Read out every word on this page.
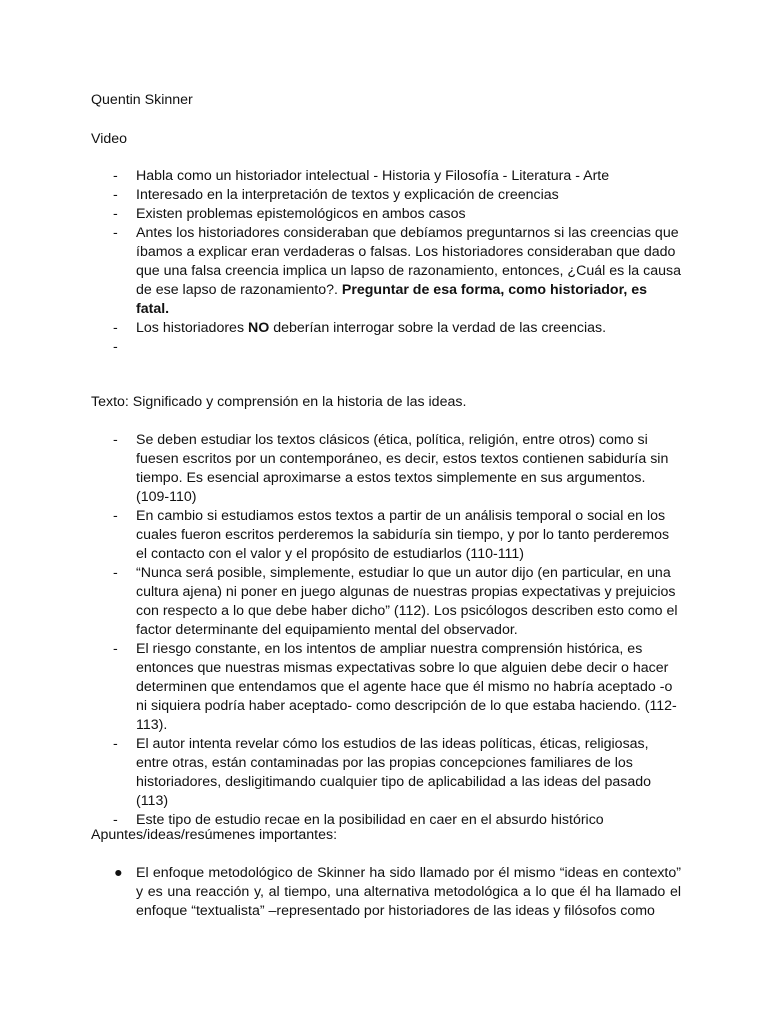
Quentin Skinner

Video

- Habla como un historiador intelectual - Historia y Filosofía - Literatura - Arte
- Interesado en la interpretación de textos y explicación de creencias
- Existen problemas epistemológicos en ambos casos
- Antes los historiadores consideraban que debíamos preguntarnos si las creencias que íbamos a explicar eran verdaderas o falsas. Los historiadores consideraban que dado que una falsa creencia implica un lapso de razonamiento, entonces, ¿Cuál es la causa de ese lapso de razonamiento?. Preguntar de esa forma, como historiador, es fatal.
- Los historiadores NO deberían interrogar sobre la verdad de las creencias.
-

Texto: Significado y comprensión en la historia de las ideas.

- Se deben estudiar los textos clásicos (ética, política, religión, entre otros) como si fuesen escritos por un contemporáneo, es decir, estos textos contienen sabiduría sin tiempo. Es esencial aproximarse a estos textos simplemente en sus argumentos. (109-110)
- En cambio si estudiamos estos textos a partir de un análisis temporal o social en los cuales fueron escritos perderemos la sabiduría sin tiempo, y por lo tanto perderemos el contacto con el valor y el propósito de estudiarlos (110-111)
- “Nunca será posible, simplemente, estudiar lo que un autor dijo (en particular, en una cultura ajena) ni poner en juego algunas de nuestras propias expectativas y prejuicios con respecto a lo que debe haber dicho” (112). Los psicólogos describen esto como el factor determinante del equipamiento mental del observador.
- El riesgo constante, en los intentos de ampliar nuestra comprensión histórica, es entonces que nuestras mismas expectativas sobre lo que alguien debe decir o hacer determinen que entendamos que el agente hace que él mismo no habría aceptado -o ni siquiera podría haber aceptado- como descripción de lo que estaba haciendo. (112-113).
- El autor intenta revelar cómo los estudios de las ideas políticas, éticas, religiosas, entre otras, están contaminadas por las propias concepciones familiares de los historiadores, desligitimando cualquier tipo de aplicabilidad a las ideas del pasado (113)
- Este tipo de estudio recae en la posibilidad en caer en el absurdo histórico

Apuntes/ideas/resúmenes importantes:

● El enfoque metodológico de Skinner ha sido llamado por él mismo “ideas en contexto” y es una reacción y, al tiempo, una alternativa metodológica a lo que él ha llamado el enfoque “textualista” –representado por historiadores de las ideas y filósofos como
